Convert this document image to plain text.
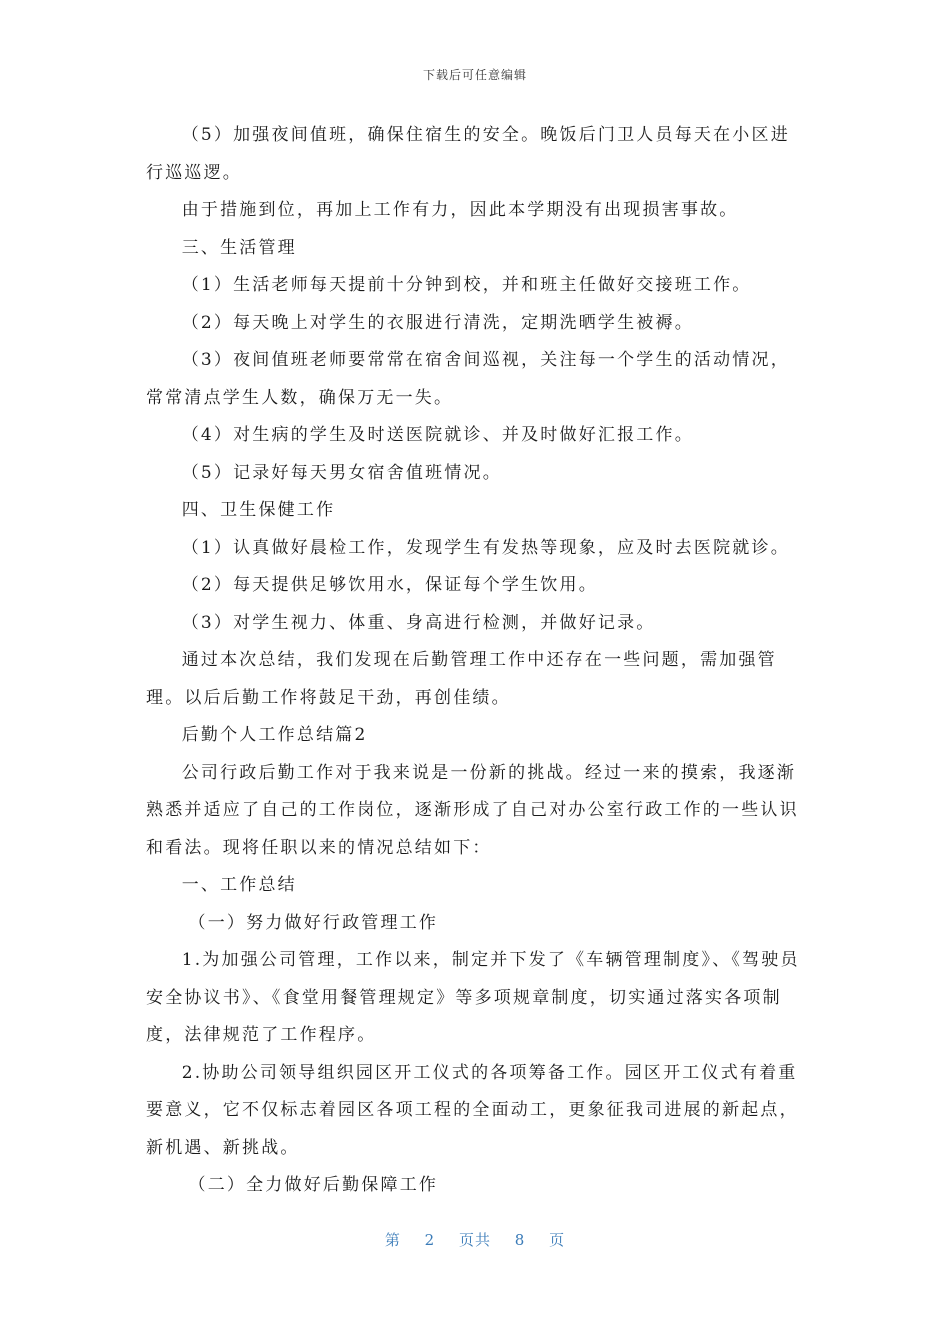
下载后可任意编辑

（5）加强夜间值班，确保住宿生的安全。晚饭后门卫人员每天在小区进行巡巡逻。

由于措施到位，再加上工作有力，因此本学期没有出现损害事故。

三、生活管理

（1）生活老师每天提前十分钟到校，并和班主任做好交接班工作。

（2）每天晚上对学生的衣服进行清洗，定期洗晒学生被褥。

（3）夜间值班老师要常常在宿舍间巡视，关注每一个学生的活动情况，常常清点学生人数，确保万无一失。

（4）对生病的学生及时送医院就诊、并及时做好汇报工作。

（5）记录好每天男女宿舍值班情况。

四、卫生保健工作

（1）认真做好晨检工作，发现学生有发热等现象，应及时去医院就诊。

（2）每天提供足够饮用水，保证每个学生饮用。

（3）对学生视力、体重、身高进行检测，并做好记录。

通过本次总结，我们发现在后勤管理工作中还存在一些问题，需加强管理。以后后勤工作将鼓足干劲，再创佳绩。

后勤个人工作总结篇2

公司行政后勤工作对于我来说是一份新的挑战。经过一来的摸索，我逐渐熟悉并适应了自己的工作岗位，逐渐形成了自己对办公室行政工作的一些认识和看法。现将任职以来的情况总结如下：

一、工作总结

（一）努力做好行政管理工作

1.为加强公司管理，工作以来，制定并下发了《车辆管理制度》、《驾驶员安全协议书》、《食堂用餐管理规定》等多项规章制度，切实通过落实各项制度，法律规范了工作程序。

2.协助公司领导组织园区开工仪式的各项筹备工作。园区开工仪式有着重要意义，它不仅标志着园区各项工程的全面动工，更象征我司进展的新起点，新机遇、新挑战。

（二）全力做好后勤保障工作

第 2 页共 8 页
